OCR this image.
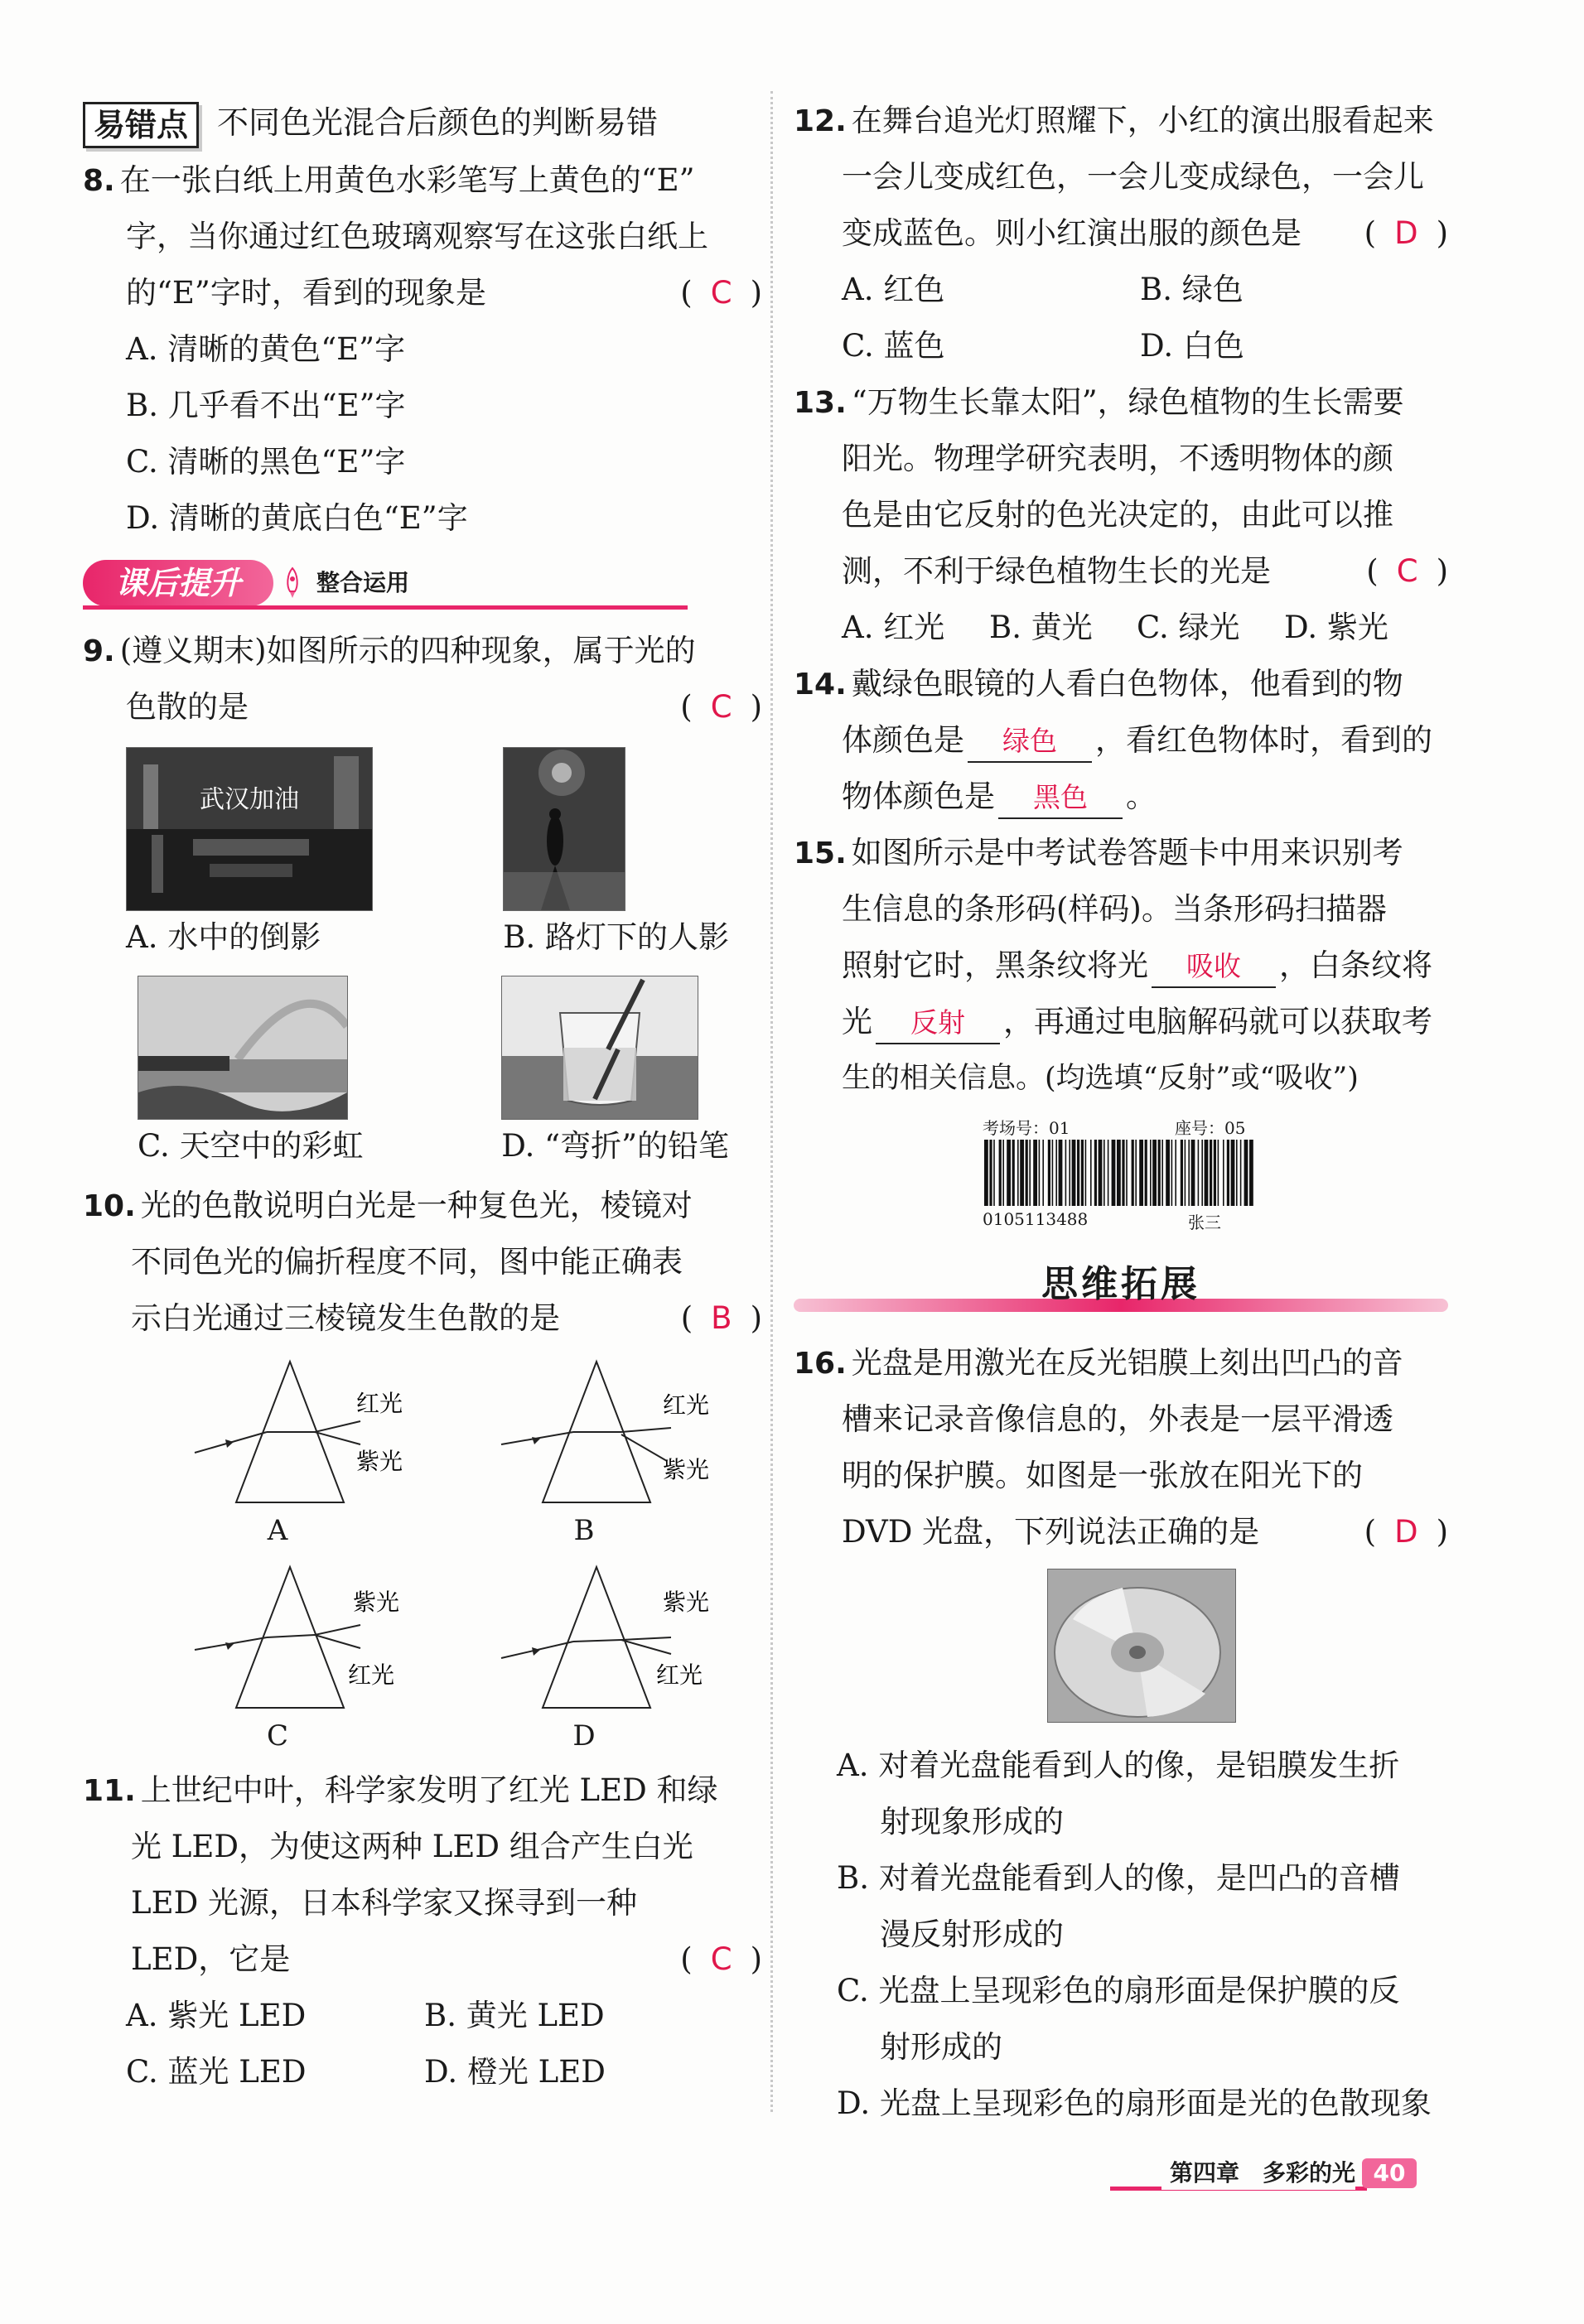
易错点 不同色光混合后颜色的判断易错
8. 在一张白纸上用黄色水彩笔写上黄色的“E”
字，当你通过红色玻璃观察写在这张白纸上
的“E”字时，看到的现象是	( C )
A. 清晰的黄色“E”字
B. 几乎看不出“E”字
C. 清晰的黑色“E”字
D. 清晰的黄底白色“E”字
课后提升	整合运用
9. (遵义期末)如图所示的四种现象，属于光的
色散的是	( C )
武汉加油
A. 水中的倒影	B. 路灯下的人影
C. 天空中的彩虹	D. “弯折”的铅笔
10. 光的色散说明白光是一种复色光，棱镜对
不同色光的偏折程度不同，图中能正确表
示白光通过三棱镜发生色散的是	( B )
红光
紫光
A
红光
紫光
B
紫光
红光
C
紫光
红光
D
11. 上世纪中叶，科学家发明了红光 LED 和绿
光 LED，为使这两种 LED 组合产生白光
LED 光源，日本科学家又探寻到一种
LED，它是	( C )
A. 紫光 LED	B. 黄光 LED
C. 蓝光 LED	D. 橙光 LED
12. 在舞台追光灯照耀下，小红的演出服看起来
一会儿变成红色，一会儿变成绿色，一会儿
变成蓝色。则小红演出服的颜色是 ( D )
A. 红色	B. 绿色
C. 蓝色	D. 白色
13. “万物生长靠太阳”，绿色植物的生长需要
阳光。物理学研究表明，不透明物体的颜
色是由它反射的色光决定的，由此可以推
测，不利于绿色植物生长的光是	( C )
A. 红光	B. 黄光	C. 绿光	D. 紫光
14. 戴绿色眼镜的人看白色物体，他看到的物
体颜色是 绿色 ，看红色物体时，看到的
物体颜色是 黑色 。
15. 如图所示是中考试卷答题卡中用来识别考
生信息的条形码(样码)。当条形码扫描器
照射它时，黑条纹将光 吸收 ，白条纹将
光 反射 ，再通过电脑解码就可以获取考
生的相关信息。(均选填“反射”或“吸收”)
考场号：01	座号：05
0105113488	张三
思维拓展
16. 光盘是用激光在反光铝膜上刻出凹凸的音
槽来记录音像信息的，外表是一层平滑透
明的保护膜。如图是一张放在阳光下的
DVD 光盘，下列说法正确的是	( D )
A. 对着光盘能看到人的像，是铝膜发生折
射现象形成的
B. 对着光盘能看到人的像，是凹凸的音槽
漫反射形成的
C. 光盘上呈现彩色的扇形面是保护膜的反
射形成的
D. 光盘上呈现彩色的扇形面是光的色散现象
第四章　多彩的光 40
